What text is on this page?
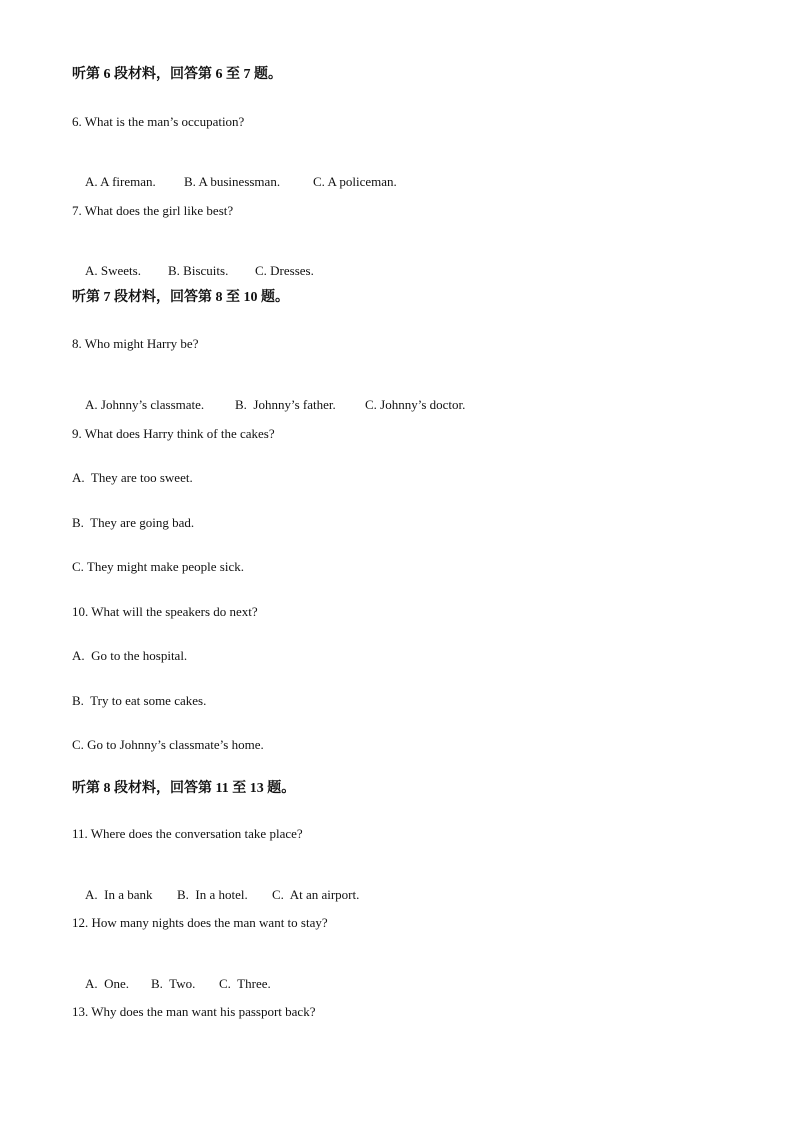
听第 6 段材料，回答第 6 至 7 题。
6. What is the man’s occupation?

A. A fireman. B. A businessman.	C. A policeman.

7. What does the girl like best?

A. Sweets. B. Biscuits. C. Dresses.

听第 7 段材料，回答第 8 至 10 题。
8. Who might Harry be?

A. Johnny’s classmate. B.  Johnny’s father. C. Johnny’s doctor.

9. What does Harry think of the cakes?
A.  They are too sweet.
B.  They are going bad.
C. They might make people sick.
10. What will the speakers do next?
A.  Go to the hospital.
B.  Try to eat some cakes.
C. Go to Johnny’s classmate’s home.
听第 8 段材料，回答第 11 至 13 题。
11. Where does the conversation take place?

A.  In a bank B.  In a hotel. C.  At an airport.

12. How many nights does the man want to stay?

A.  One. B.  Two. C.  Three.

13. Why does the man want his passport back?
